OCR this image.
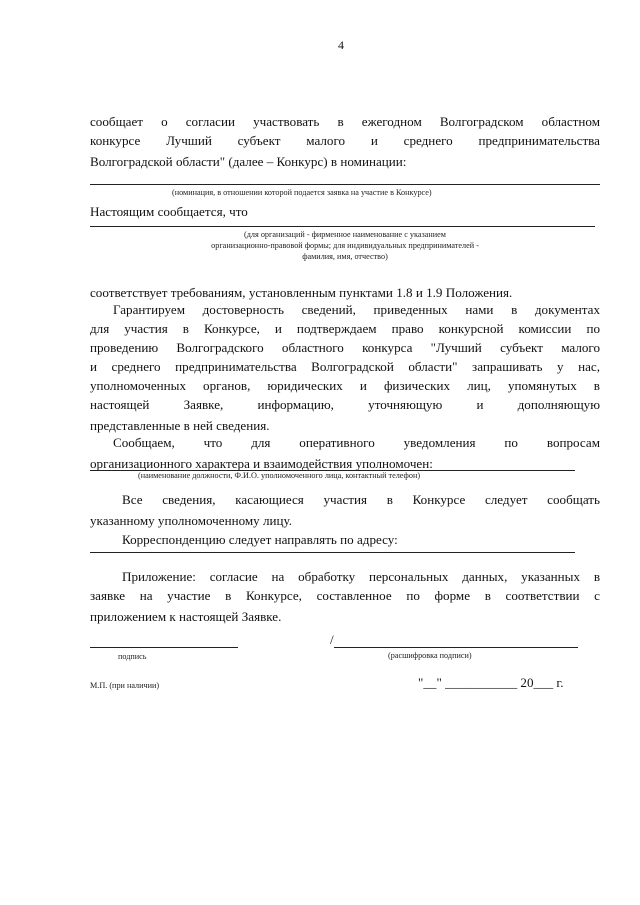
4
сообщает о согласии участвовать в ежегодном Волгоградском областном
конкурсе Лучший субъект малого и среднего предпринимательства
Волгоградской области" (далее – Конкурс) в номинации:
(номинация, в отношении которой подается заявка на участие в Конкурсе)
Настоящим сообщается, что
(для организаций - фирменное наименование с указанием
организационно-правовой формы; для индивидуальных предпринимателей -
фамилия, имя, отчество)
соответствует требованиям, установленным пунктами 1.8 и 1.9 Положения.
Гарантируем достоверность сведений, приведенных нами в документах
для участия в Конкурсе, и подтверждаем право конкурсной комиссии по
проведению Волгоградского областного конкурса "Лучший субъект малого
и среднего предпринимательства Волгоградской области" запрашивать у нас,
уполномоченных органов, юридических и физических лиц, упомянутых в
настоящей Заявке, информацию, уточняющую и дополняющую
представленные в ней сведения.
Сообщаем, что для оперативного уведомления по вопросам
организационного характера и взаимодействия уполномочен:
(наименование должности, Ф.И.О. уполномоченного лица, контактный телефон)
Все сведения, касающиеся участия в Конкурсе следует сообщать
указанному уполномоченному лицу.
Корреспонденцию следует направлять по адресу:
Приложение: согласие на обработку персональных данных, указанных в
заявке на участие в Конкурсе, составленное по форме в соответствии с
приложением к настоящей Заявке.
подпись
/
(расшифровка подписи)
М.П. (при наличии)	"__" ___________ 20___ г.
